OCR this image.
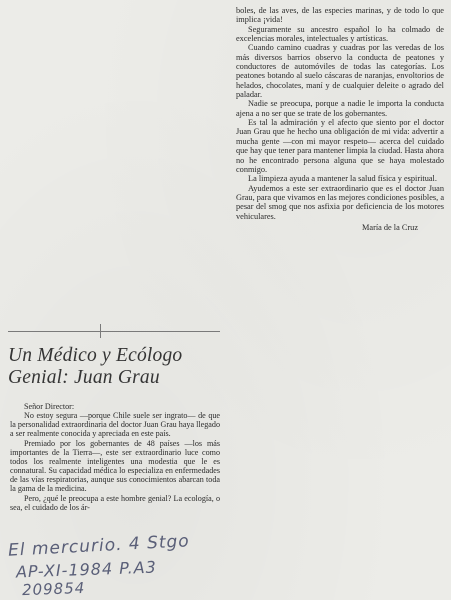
boles, de las aves, de las especies marinas, y de todo lo que implica ¡vida!

Seguramente su ancestro español lo ha colmado de excelencias morales, intelectuales y artísticas.

Cuando camino cuadras y cuadras por las veredas de los más diversos barrios observo la conducta de peatones y conductores de automóviles de todas las categorías. Los peatones botando al suelo cáscaras de naranjas, envoltorios de helados, chocolates, maní y de cualquier deleite o agrado del paladar.

Nadie se preocupa, porque a nadie le importa la conducta ajena a no ser que se trate de los gobernantes.

Es tal la admiración y el afecto que siento por el doctor Juan Grau que he hecho una obligación de mi vida: advertir a mucha gente —con mi mayor respeto— acerca del cuidado que hay que tener para mantener limpia la ciudad. Hasta ahora no he encontrado persona alguna que se haya molestado conmigo.

La limpieza ayuda a mantener la salud física y espiritual.

Ayudemos a este ser extraordinario que es el doctor Juan Grau, para que vivamos en las mejores condiciones posibles, a pesar del smog que nos asfixia por deficiencia de los motores vehiculares.

María de la Cruz
Un Médico y Ecólogo Genial: Juan Grau

Señor Director:

No estoy segura —porque Chile suele ser ingrato— de que la personalidad extraordinaria del doctor Juan Grau haya llegado a ser realmente conocida y apreciada en este país.

Premiado por los gobernantes de 48 países —los más importantes de la Tierra—, este ser extraordinario luce como todos los realmente inteligentes una modestia que le es connatural. Su capacidad médica lo especializa en enfermedades de las vías respiratorias, aunque sus conocimientos abarcan toda la gama de la medicina.

Pero, ¿qué le preocupa a este hombre genial? La ecología, o sea, el cuidado de los ár-

El mercurio. 4 Stgo
AP-XI-1984 P.A3
209854
